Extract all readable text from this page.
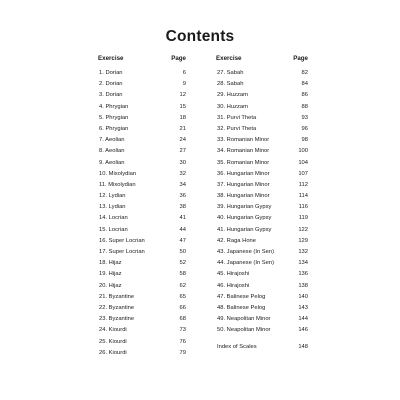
Contents
Exercise	Page
1. Dorian	6
2. Dorian	9
3. Dorian	12
4. Phrygian	15
5. Phrygian	18
6. Phrygian	21
7. Aeolian	24
8. Aeolian	27
9. Aeolian	30
10. Mixolydian	32
11. Mixolydian	34
12. Lydian	36
13. Lydian	38
14. Locrian	41
15. Locrian	44
16. Super Locrian	47
17. Super Locrian	50
18. Hijaz	52
19. Hijaz	58
20. Hijaz	62
21. Byzantine	65
22. Byzantine	66
23. Byzantine	68
24. Kiourdi	73
25. Kiourdi	76
26. Kiourdi	79
Exercise	Page
27. Sabah	82
28. Sabah	84
29. Huzzam	86
30. Huzzam	88
31. Purvi Theta	93
32. Purvi Theta	96
33. Romanian Minor	98
34. Romanian Minor	100
35. Romanian Minor	104
36. Hungarian Minor	107
37. Hungarian Minor	112
38. Hungarian Minor	114
39. Hungarian Gypsy	116
40. Hungarian Gypsy	119
41. Hungarian Gypsy	122
42. Raga Hone	129
43. Japanese (In Sen)	132
44. Japanese (In Sen)	134
45. Hirajoshi	136
46. Hirajoshi	138
47. Balinese Pelog	140
48. Balinese Pelog	143
49. Neapolitan Minor	144
50. Neapolitan Minor	146
Index of Scales	148
